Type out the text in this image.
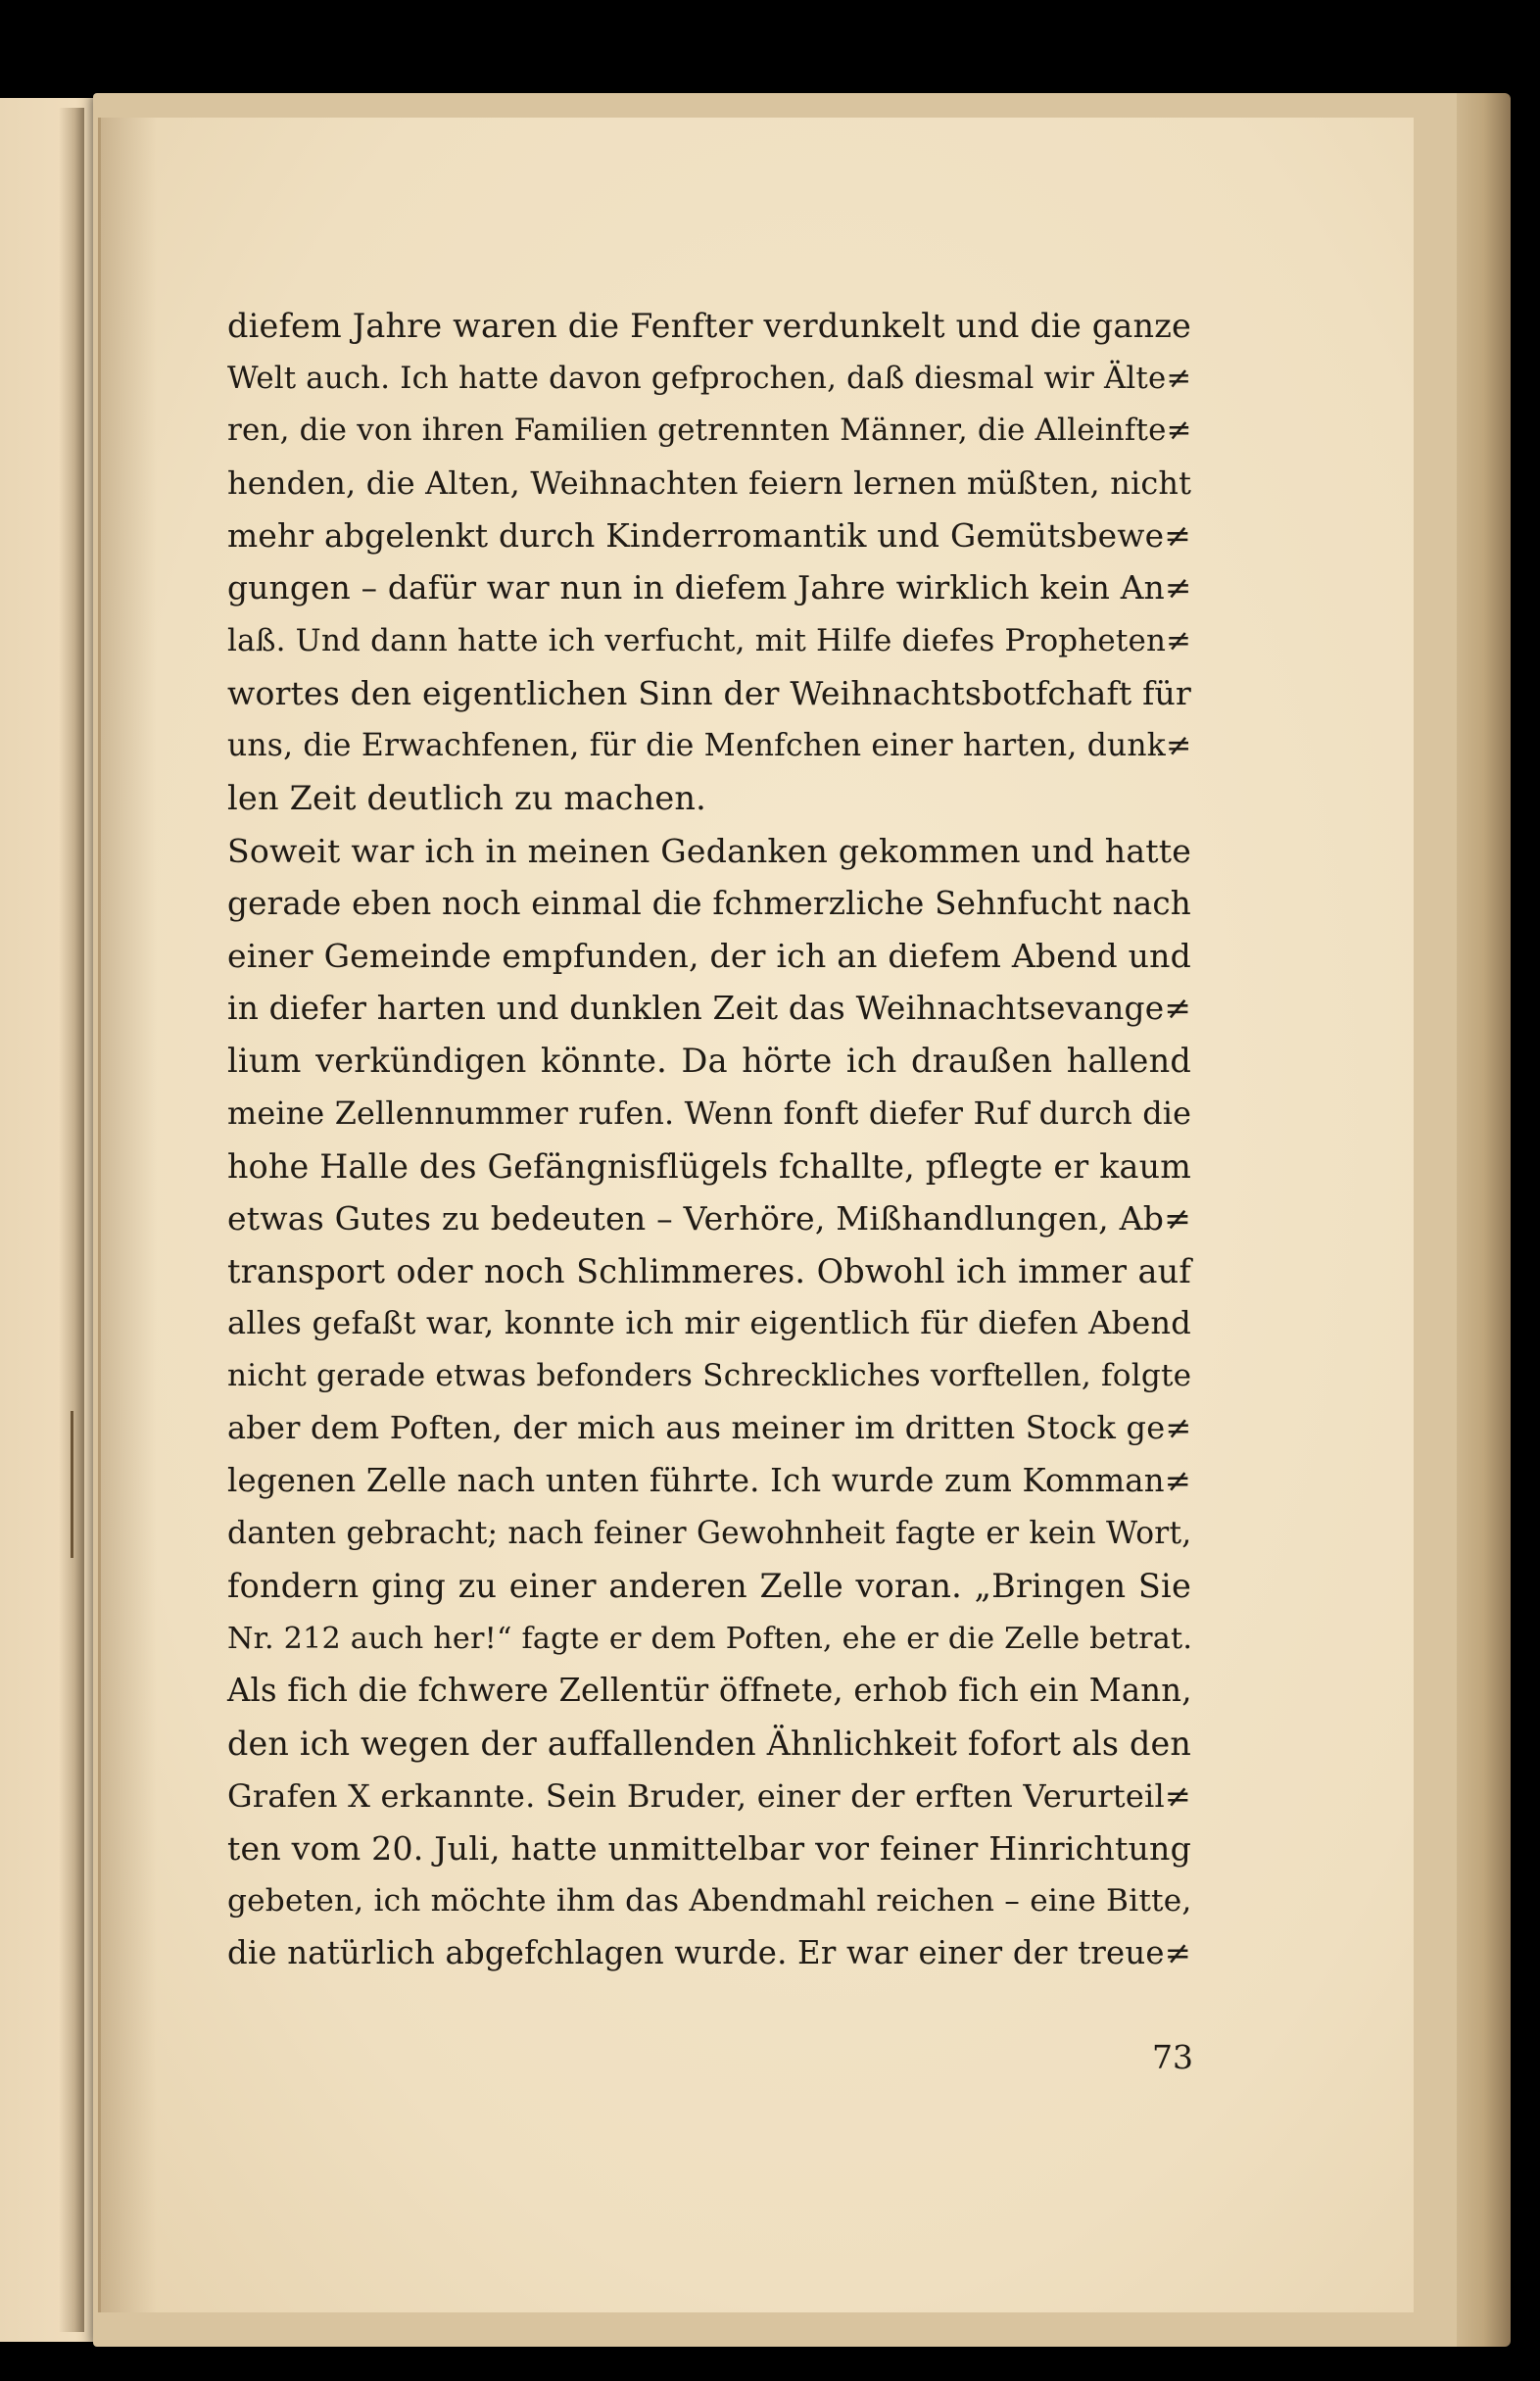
diefem Jahre waren die Fenfter verdunkelt und die ganze
Welt auch. Ich hatte davon gefprochen, daß diesmal wir Älte≠
ren, die von ihren Familien getrennten Männer, die Alleinfte≠
henden, die Alten, Weihnachten feiern lernen müßten, nicht
mehr abgelenkt durch Kinderromantik und Gemütsbewe≠
gungen – dafür war nun in diefem Jahre wirklich kein An≠
laß. Und dann hatte ich verfucht, mit Hilfe diefes Propheten≠
wortes den eigentlichen Sinn der Weihnachtsbotfchaft für
uns, die Erwachfenen, für die Menfchen einer harten, dunk≠
len Zeit deutlich zu machen.
Soweit war ich in meinen Gedanken gekommen und hatte
gerade eben noch einmal die fchmerzliche Sehnfucht nach
einer Gemeinde empfunden, der ich an diefem Abend und
in diefer harten und dunklen Zeit das Weihnachtsevange≠
lium verkündigen könnte. Da hörte ich draußen hallend
meine Zellennummer rufen. Wenn fonft diefer Ruf durch die
hohe Halle des Gefängnisflügels fchallte, pflegte er kaum
etwas Gutes zu bedeuten – Verhöre, Mißhandlungen, Ab≠
transport oder noch Schlimmeres. Obwohl ich immer auf
alles gefaßt war, konnte ich mir eigentlich für diefen Abend
nicht gerade etwas befonders Schreckliches vorftellen, folgte
aber dem Poften, der mich aus meiner im dritten Stock ge≠
legenen Zelle nach unten führte. Ich wurde zum Komman≠
danten gebracht; nach feiner Gewohnheit fagte er kein Wort,
fondern ging zu einer anderen Zelle voran. „Bringen Sie
Nr. 212 auch her!“ fagte er dem Poften, ehe er die Zelle betrat.
Als fich die fchwere Zellentür öffnete, erhob fich ein Mann,
den ich wegen der auffallenden Ähnlichkeit fofort als den
Grafen X erkannte. Sein Bruder, einer der erften Verurteil≠
ten vom 20. Juli, hatte unmittelbar vor feiner Hinrichtung
gebeten, ich möchte ihm das Abendmahl reichen – eine Bitte,
die natürlich abgefchlagen wurde. Er war einer der treue≠
73
